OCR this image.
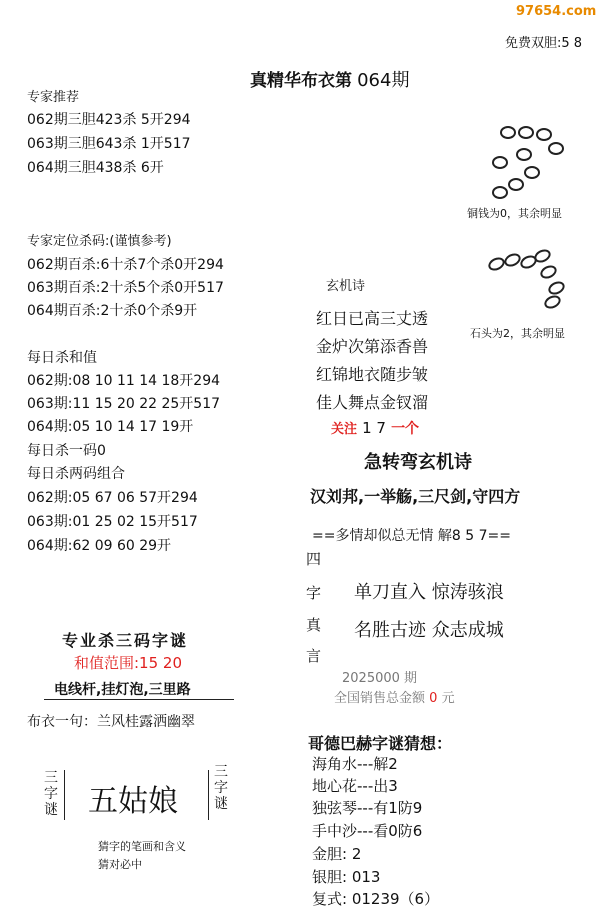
97654.com
免费双胆:5 8
真精华布衣第 064期
专家推荐
062期三胆423杀 5开294
063期三胆643杀 1开517
064期三胆438杀 6开
专家定位杀码:(谨慎参考)
062期百杀:6十杀7个杀0开294
063期百杀:2十杀5个杀0开517
064期百杀:2十杀0个杀9开
每日杀和值
062期:08 10 11 14 18开294
063期:11 15 20 22 25开517
064期:05 10 14 17 19开
每日杀一码0
每日杀两码组合
062期:05 67 06 57开294
063期:01 25 02 15开517
064期:62 09 60 29开
专业杀三码字谜
和值范围:15 20
电线杆,挂灯泡,三里路
布衣一句：兰风桂露洒幽翠
三字谜 五姑娘
三字谜
猜字的笔画和含义
猜对必中
铜钱为0，其余明显
石头为2，其余明显
玄机诗
红日已高三丈透
金炉次第添香兽
红锦地衣随步皱
佳人舞点金钗溜
关注 1 7 一个
急转弯玄机诗
汉刘邦,一举觞,三尺剑,守四方
==多情却似总无情 解8 5 7==
四
字
真
言
单刀直入 惊涛骇浪
名胜古迹 众志成城
2025000 期
全国销售总金额 0 元
哥德巴赫字谜猜想：
海角水---解2
地心花---出3
独弦琴---有1防9
手中沙---看0防6
金胆: 2
银胆: 013
复式: 01239（6）
